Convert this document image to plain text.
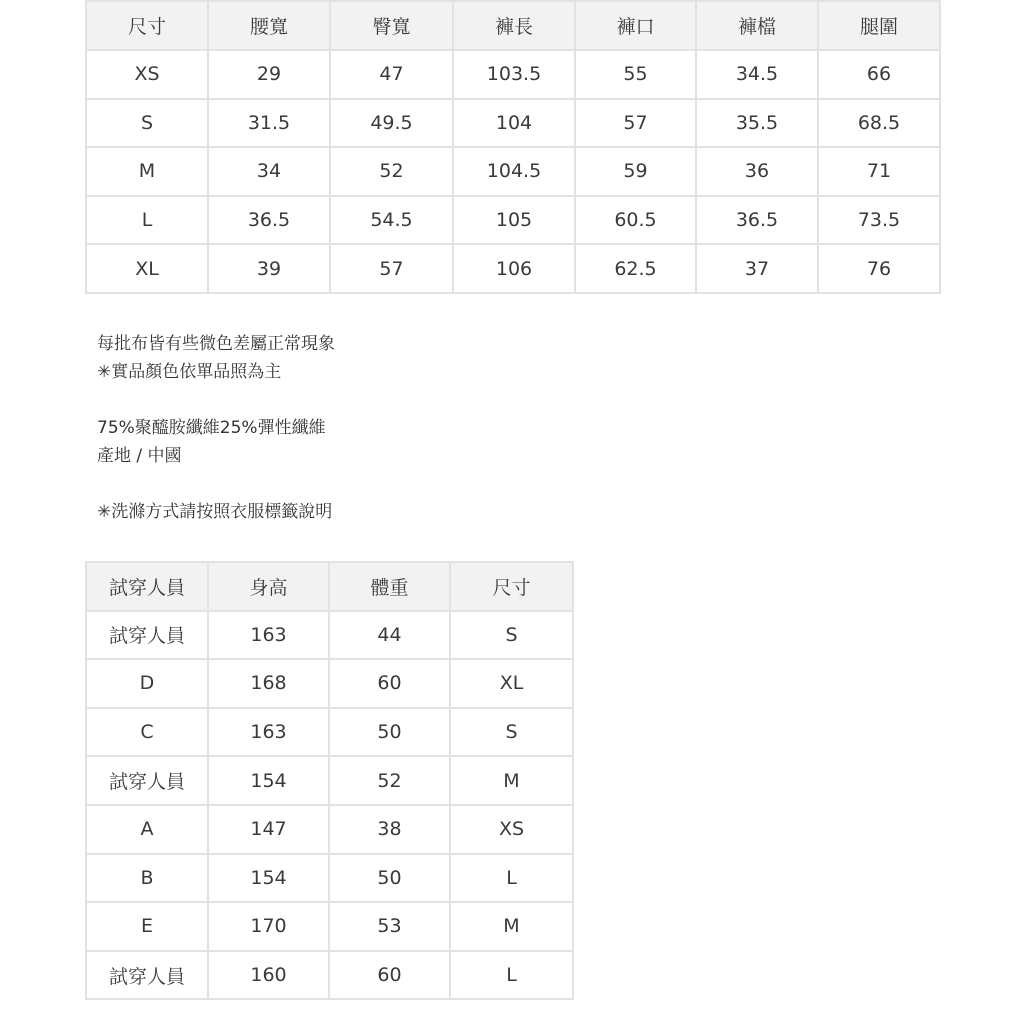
尺寸	腰寬	臀寬	褲長	褲口	褲檔	腿圍
XS	29	47	103.5	55	34.5	66
S	31.5	49.5	104	57	35.5	68.5
M	34	52	104.5	59	36	71
L	36.5	54.5	105	60.5	36.5	73.5
XL	39	57	106	62.5	37	76
每批布皆有些微色差屬正常現象
✳實品顏色依單品照為主
75%聚醯胺纖維25%彈性纖維
產地 / 中國
✳洗滌方式請按照衣服標籤說明
試穿人員	身高	體重	尺寸
試穿人員	163	44	S
D	168	60	XL
C	163	50	S
試穿人員	154	52	M
A	147	38	XS
B	154	50	L
E	170	53	M
試穿人員	160	60	L
